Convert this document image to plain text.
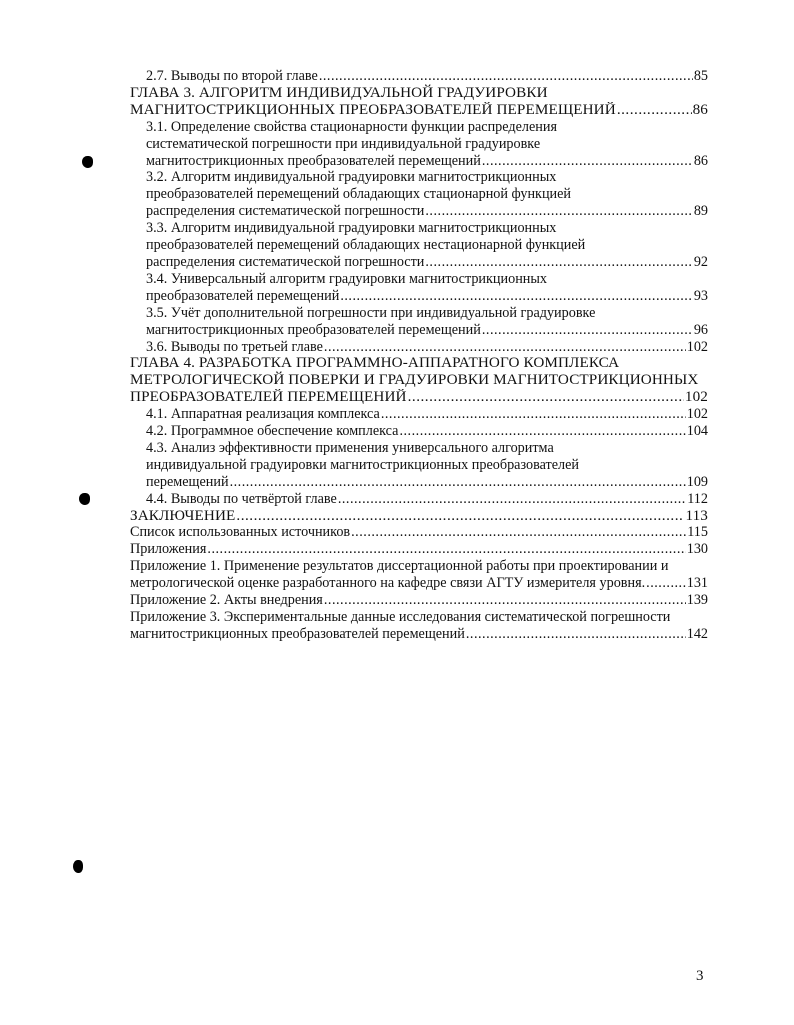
2.7. Выводы по второй главе .....	85
ГЛАВА 3. АЛГОРИТМ ИНДИВИДУАЛЬНОЙ ГРАДУИРОВКИ
МАГНИТОСТРИКЦИОННЫХ ПРЕОБРАЗОВАТЕЛЕЙ ПЕРЕМЕЩЕНИЙ .....	86
3.1. Определение свойства стационарности функции распределения
систематической погрешности при индивидуальной градуировке
магнитострикционных преобразователей перемещений .....	86
3.2. Алгоритм индивидуальной градуировки магнитострикционных
преобразователей перемещений обладающих стационарной функцией
распределения систематической погрешности .....	89
3.3. Алгоритм индивидуальной градуировки магнитострикционных
преобразователей перемещений обладающих нестационарной функцией
распределения систематической погрешности .....	92
3.4. Универсальный алгоритм градуировки магнитострикционных
преобразователей перемещений .....	93
3.5. Учёт дополнительной погрешности при индивидуальной градуировке
магнитострикционных преобразователей перемещений .....	96
3.6. Выводы по третьей главе .....	102
ГЛАВА 4. РАЗРАБОТКА ПРОГРАММНО-АППАРАТНОГО КОМПЛЕКСА
МЕТРОЛОГИЧЕСКОЙ ПОВЕРКИ И ГРАДУИРОВКИ МАГНИТОСТРИКЦИОННЫХ
ПРЕОБРАЗОВАТЕЛЕЙ ПЕРЕМЕЩЕНИЙ .....	102
4.1. Аппаратная реализация комплекса .....	102
4.2. Программное обеспечение комплекса .....	104
4.3. Анализ эффективности применения универсального алгоритма
индивидуальной градуировки магнитострикционных преобразователей
перемещений .....	109
4.4. Выводы по четвёртой главе .....	112
ЗАКЛЮЧЕНИЕ .....	113
Список использованных источников .....	115
Приложения .....	130
Приложение 1. Применение результатов диссертационной работы при проектировании и
метрологической оценке разработанного на кафедре связи АГТУ измерителя уровня. .....	131
Приложение 2. Акты внедрения .....	139
Приложение 3. Экспериментальные данные исследования систематической погрешности
магнитострикционных преобразователей перемещений .....	142
3
